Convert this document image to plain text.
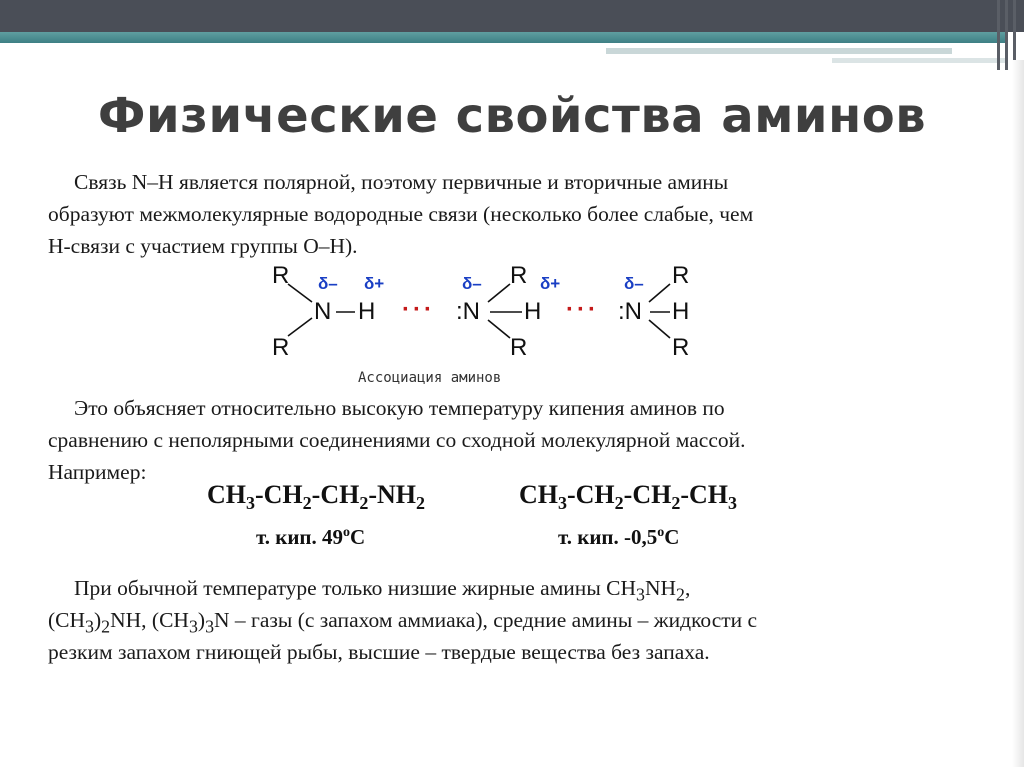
Физические свойства аминов

Связь N–H является полярной, поэтому первичные и вторичные амины
образуют межмолекулярные водородные связи (несколько более слабые, чем
H-связи с участием группы O–H).

R
R
N H
δ– δ+
··· :N
R
R
H
δ–	δ+
··· :N
R
R
H
δ–
Ассоциация аминов

Это объясняет относительно высокую температуру кипения аминов по
сравнению с неполярными соединениями со сходной молекулярной массой.
Например:

$CH_3-CH_2-CH_2-NH_2$	$CH_3-CH_2-CH_2-CH_3$
т. кип. 49$^o$C	т. кип. -0,5$^o$C

При обычной температуре только низшие жирные амины $CH_3NH_2$,
$(CH_3)_2NH$, $(CH_3)_3N$ – газы (с запахом аммиака), средние амины – жидкости с
резким запахом гниющей рыбы, высшие – твердые вещества без запаха.
